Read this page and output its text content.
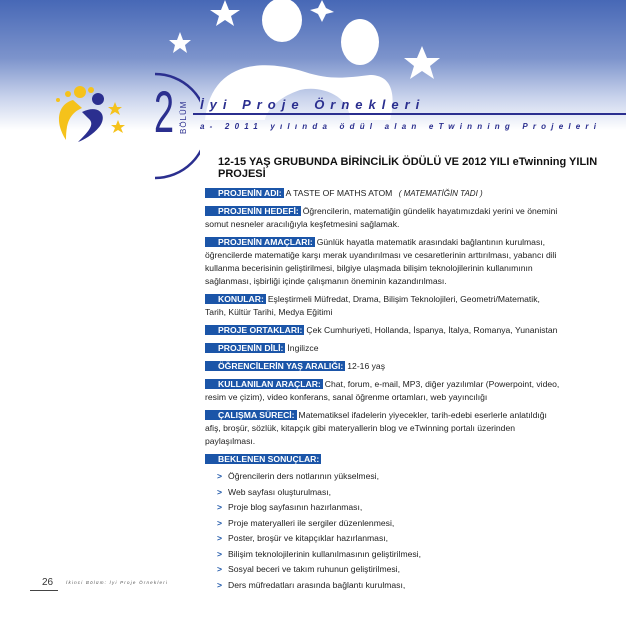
2 BÖLÜM İyi Proje Örnekleri
a- 2011 yılında ödül alan eTwinning Projeleri
12-15 YAŞ GRUBUNDA BİRİNCİLİK ÖDÜLÜ VE 2012 YILI eTwinning YILIN PROJESİ
PROJENİN ADI: A TASTE OF MATHS ATOM ( MATEMATİĞİN TADI )
PROJENİN HEDEFİ: Öğrencilerin, matematiğin gündelik hayatımızdaki yerini ve önemini somut nesneler aracılığıyla keşfetmesini sağlamak.
PROJENİN AMAÇLARI: Günlük hayatla matematik arasındaki bağlantının kurulması, öğrencilerde matematiğe karşı merak uyandırılması ve cesaretlerinin arttırılması, yabancı dili kullanma becerisinin geliştirilmesi, bilgiye ulaşmada bilişim teknolojilerinin kullanımının sağlanması, işbirliği içinde çalışmanın öneminin kazandırılması.
KONULAR: Eşleştirmeli Müfredat, Drama, Bilişim Teknolojileri, Geometri/Matematik, Tarih, Kültür Tarihi, Medya Eğitimi
PROJE ORTAKLARI: Çek Cumhuriyeti, Hollanda, İspanya, İtalya, Romanya, Yunanistan
PROJENİN DİLİ: İngilizce
ÖĞRENCİLERİN YAŞ ARALIĞI: 12-16 yaş
KULLANILAN ARAÇLAR: Chat, forum, e-mail, MP3, diğer yazılımlar (Powerpoint, video, resim ve çizim), video konferans, sanal öğrenme ortamları, web yayıncılığı
ÇALIŞMA SÜRECİ: Matematiksel ifadelerin yiyecekler, tarih-edebi eserlerle anlatıldığı afiş, broşür, sözlük, kitapçık gibi materyallerin blog ve eTwinning portalı üzerinden paylaşılması.
BEKLENEN SONUÇLAR:
> Öğrencilerin ders notlarının yükselmesi,
> Web sayfası oluşturulması,
> Proje blog sayfasının hazırlanması,
> Proje materyalleri ile sergiler düzenlenmesi,
> Poster, broşür ve kitapçıklar hazırlanması,
> Bilişim teknolojilerinin kullanılmasının geliştirilmesi,
> Sosyal beceri ve takım ruhunun geliştirilmesi,
> Ders müfredatları arasında bağlantı kurulması,
26	İkinci Bölüm: İyi Proje Örnekleri
